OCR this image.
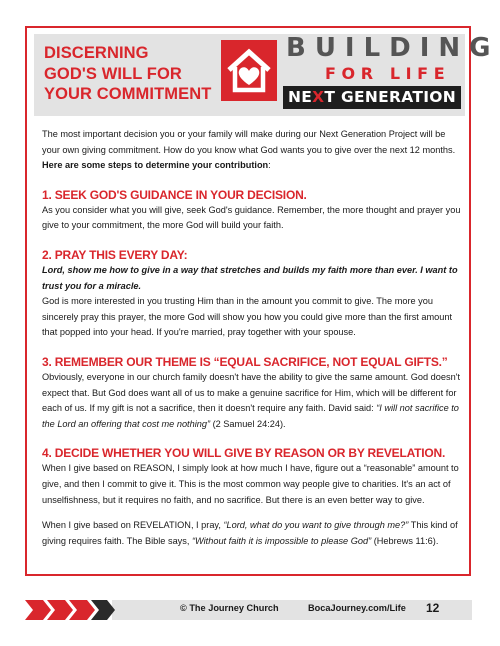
DISCERNING
GOD'S WILL FOR
YOUR COMMITMENT
BUILDING
FOR LIFE
NEXT GENERATION

The most important decision you or your family will make during our Next Generation Project will be your own giving commitment. How do you know what God wants you to give over the next 12 months.
Here are some steps to determine your contribution:

1. SEEK GOD'S GUIDANCE IN YOUR DECISION.

As you consider what you will give, seek God's guidance. Remember, the more thought and prayer you give to your commitment, the more God will build your faith.

2. PRAY THIS EVERY DAY:

Lord, show me how to give in a way that stretches and builds my faith more than ever. I want to trust you for a miracle.

God is more interested in you trusting Him than in the amount you commit to give. The more you sincerely pray this prayer, the more God will show you how you could give more than the first amount that popped into your head. If you're married, pray together with your spouse.

3. REMEMBER OUR THEME IS “EQUAL SACRIFICE, NOT EQUAL GIFTS.”

Obviously, everyone in our church family doesn't have the ability to give the same amount. God doesn't expect that. But God does want all of us to make a genuine sacrifice for Him, which will be different for each of us. If my gift is not a sacrifice, then it doesn't require any faith. David said: “I will not sacrifice to the Lord an offering that cost me nothing” (2 Samuel 24:24).

4. DECIDE WHETHER YOU WILL GIVE BY REASON OR BY REVELATION.

When I give based on REASON, I simply look at how much I have, figure out a “reasonable” amount to give, and then I commit to give it. This is the most common way people give to charities. It's an act of unselfishness, but it requires no faith, and no sacrifice. But there is an even better way to give.

When I give based on REVELATION, I pray, “Lord, what do you want to give through me?” This kind of giving requires faith. The Bible says, “Without faith it is impossible to please God” (Hebrews 11:6).

© The Journey Church	BocaJourney.com/Life 12
